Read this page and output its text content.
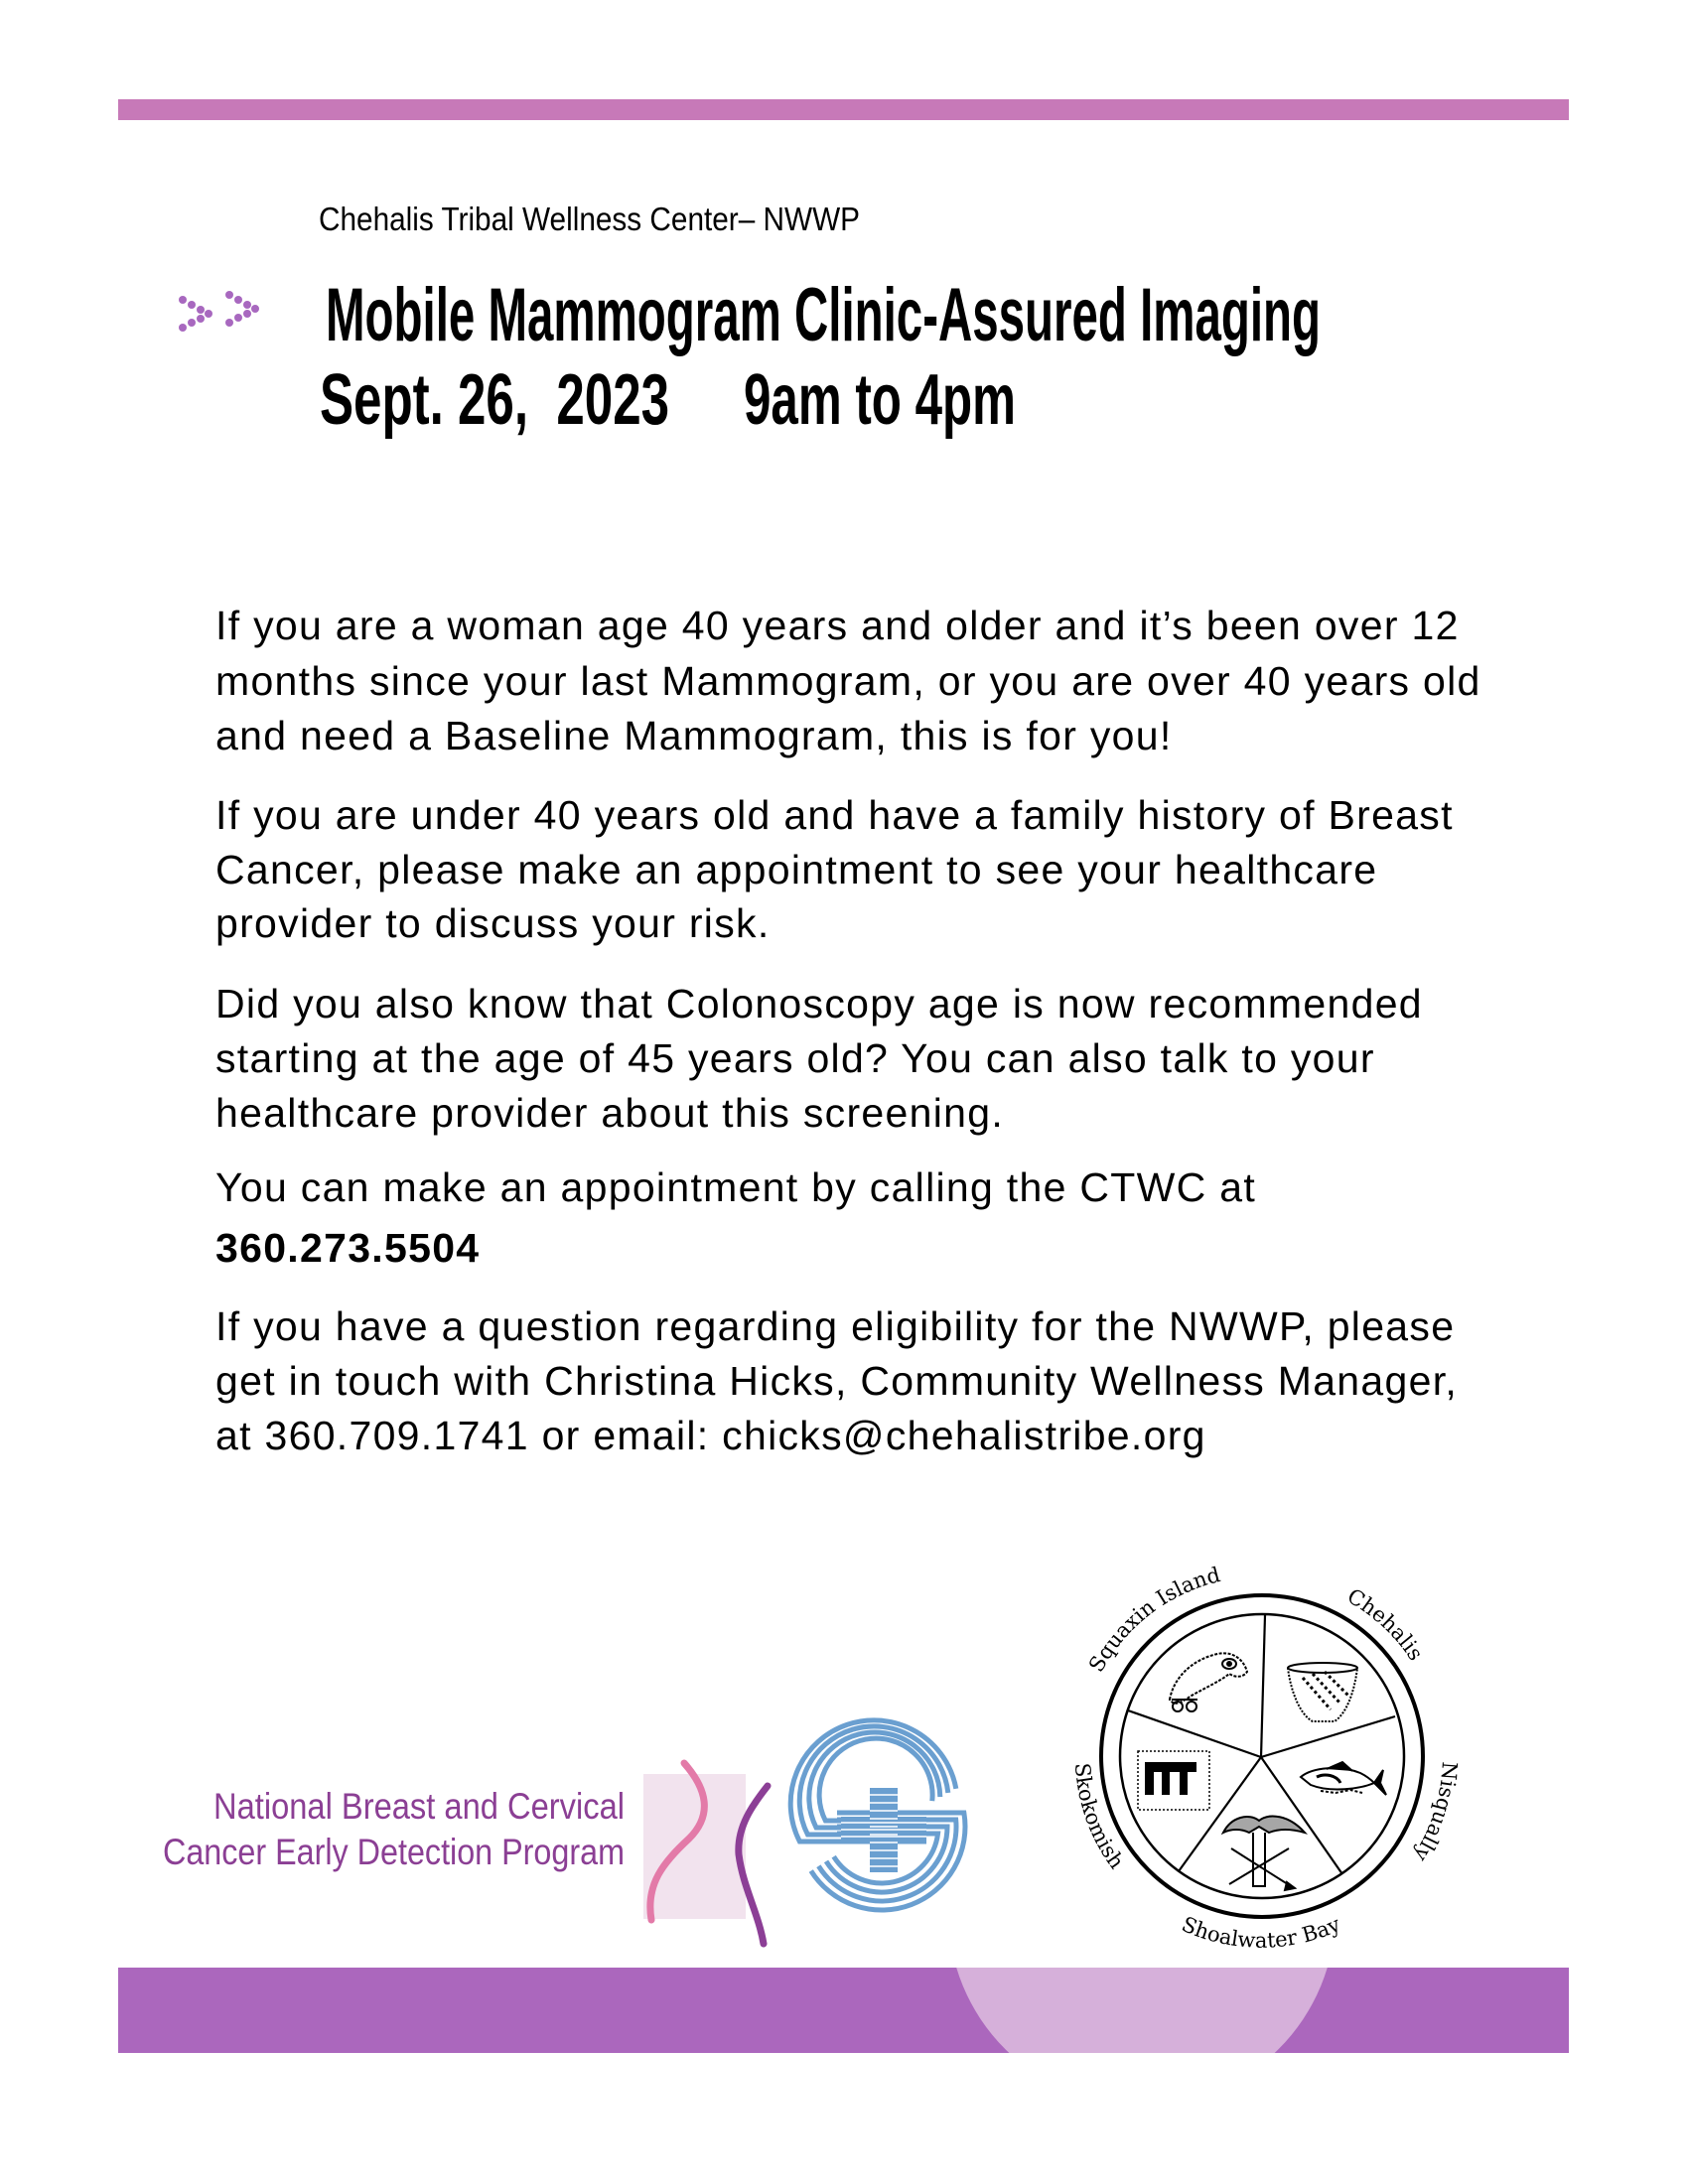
Chehalis Tribal Wellness Center– NWWP
Mobile Mammogram Clinic-Assured Imaging
Sept. 26,  2023 9am to 4pm
National Breast and Cervical
Cancer Early Detection Program
Squaxin Island
Chehalis
Nisqually
Shoalwater Bay
Skokomish
If you are a woman age 40 years and older and it’s been over 12
months since your last Mammogram, or you are over 40 years old
and need a Baseline Mammogram, this is for you!
If you are under 40 years old and have a family history of Breast
Cancer, please make an appointment to see your healthcare
provider to discuss your risk.
Did you also know that Colonoscopy age is now recommended
starting at the age of 45 years old? You can also talk to your
healthcare provider about this screening.
You can make an appointment by calling the CTWC at
360.273.5504
If you have a question regarding eligibility for the NWWP, please
get in touch with Christina Hicks, Community Wellness Manager,
at 360.709.1741 or email: chicks@chehalistribe.org
